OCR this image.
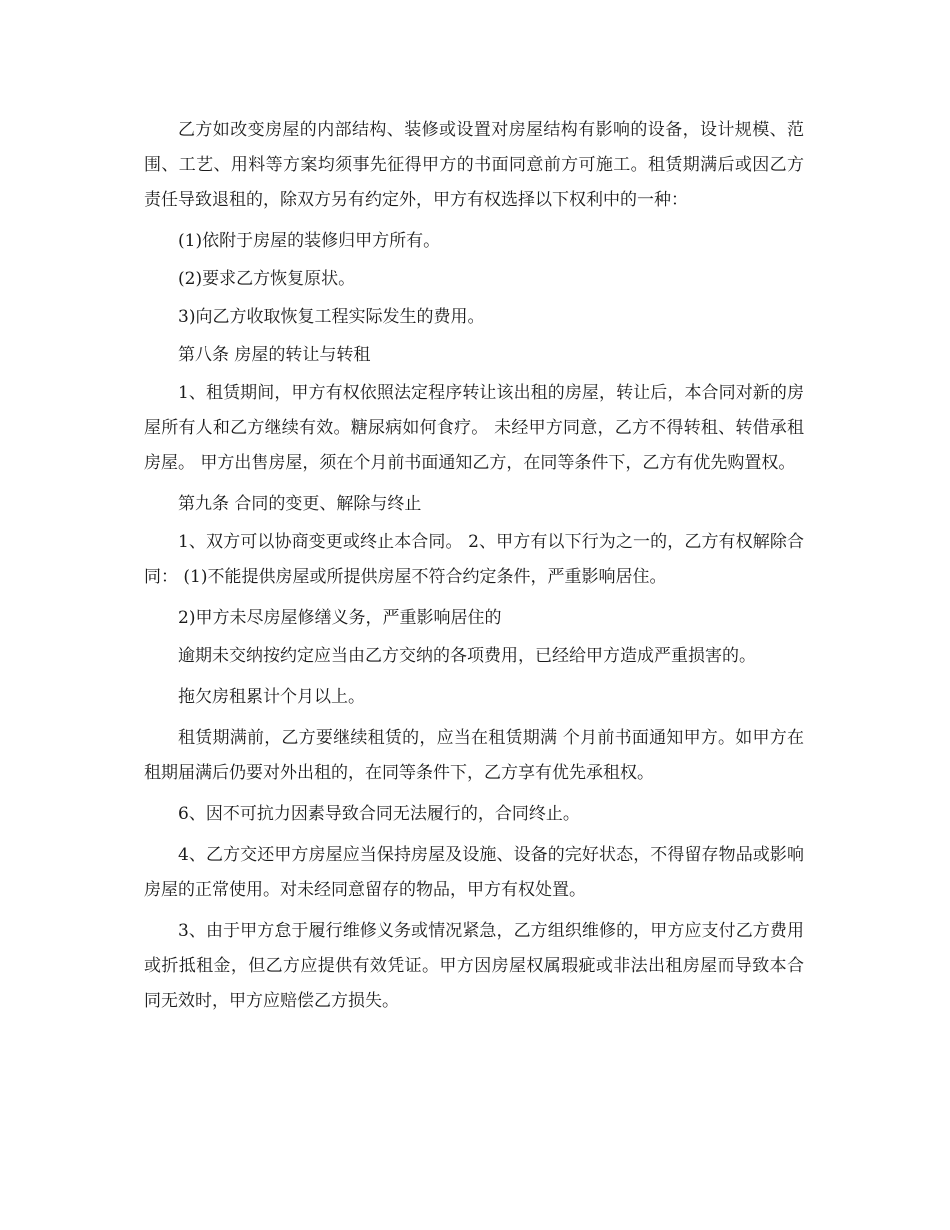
乙方如改变房屋的内部结构、装修或设置对房屋结构有影响的设备，设计规模、范围、工艺、用料等方案均须事先征得甲方的书面同意前方可施工。租赁期满后或因乙方责任导致退租的，除双方另有约定外，甲方有权选择以下权利中的一种：

(1)依附于房屋的装修归甲方所有。

(2)要求乙方恢复原状。

3)向乙方收取恢复工程实际发生的费用。

第八条 房屋的转让与转租

1、租赁期间，甲方有权依照法定程序转让该出租的房屋，转让后，本合同对新的房屋所有人和乙方继续有效。糖尿病如何食疗。 未经甲方同意，乙方不得转租、转借承租房屋。 甲方出售房屋，须在个月前书面通知乙方，在同等条件下，乙方有优先购置权。

第九条 合同的变更、解除与终止

1、双方可以协商变更或终止本合同。 2、甲方有以下行为之一的，乙方有权解除合同： (1)不能提供房屋或所提供房屋不符合约定条件，严重影响居住。

2)甲方未尽房屋修缮义务，严重影响居住的

逾期未交纳按约定应当由乙方交纳的各项费用，已经给甲方造成严重损害的。

拖欠房租累计个月以上。

租赁期满前，乙方要继续租赁的，应当在租赁期满 个月前书面通知甲方。如甲方在租期届满后仍要对外出租的，在同等条件下，乙方享有优先承租权。

6、因不可抗力因素导致合同无法履行的，合同终止。

4、乙方交还甲方房屋应当保持房屋及设施、设备的完好状态，不得留存物品或影响房屋的正常使用。对未经同意留存的物品，甲方有权处置。

3、由于甲方怠于履行维修义务或情况紧急，乙方组织维修的，甲方应支付乙方费用或折抵租金，但乙方应提供有效凭证。甲方因房屋权属瑕疵或非法出租房屋而导致本合同无效时，甲方应赔偿乙方损失。
